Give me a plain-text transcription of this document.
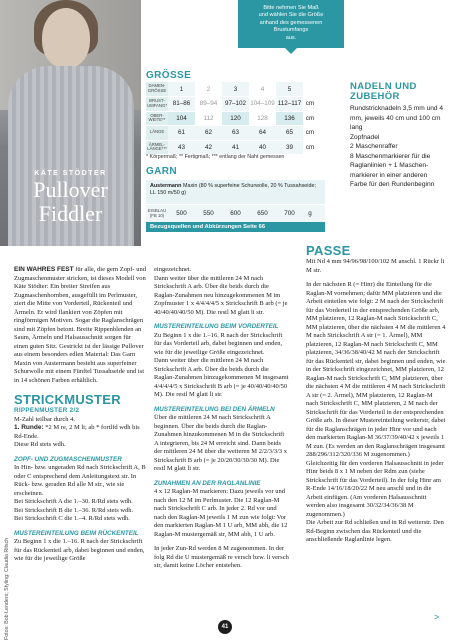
KÄTE STÖDTER
Pullover
Fiddler
Bitte nehmen Sie Maß
und wählen Sie die Größe
anhand des gemessenen
Brustumfangs
aus.
GRÖSSE
DAMEN-GRÖSSE	1	2	3	4	5	
BRUST-UMFANG*	81–86	89–94	97–102	104–109	112–117	cm
OBER-WEITE**	104	112	120	128	136	cm
LÄNGE	61	62	63	64	65	cm
ÄRMEL-LÄNGE***	43	42	41	40	39	cm
* Körpermaß; ** Fertigmaß; *** entlang der Naht gemessen
GARN
Austermann Maxin (80 % superfeine Schurwolle, 20 % Tussahseide; LL 150 m/50 g)
EISBLAU (FB 10)	500	550	600	650	700	g
Bezugsquellen und Abkürzungen Seite 66
NADELN UND ZUBEHÖR
Rundstricknadeln 3,5 mm und 4 mm, jeweils 40 cm und 100 cm lang
Zopfnadel
2 Maschenraffer
8 Maschenmarkierer für die Raglanlinien + 1 Maschenmarkierer in einer anderen Farbe für den Rundenbeginn

EIN WAHRES FEST für alle, die gern Zopf- und Zugmaschenmuster stricken, ist dieses Modell von Käte Stödter: Ein breiter Streifen aus Zugmaschenhornben, ausgefüllt im Perlmuster, ziert die Mitte von Vorderteil, Rückenteil und Ärmeln. Er wird flankiert von Zöpfen mit ringförmigen Motiven. Sogar die Raglanschrägen sind mit Zöpfen betont. Breite Rippenblenden an Saum, Ärmeln und Halsausschnitt sorgen für einen guten Sitz. Gestrickt ist der lässige Pullover aus einem besonders edlen Material: Das Garn Maxin von Austermann besteht aus superfeiner Schurwolle mit einem Fünftel Tussahseide und ist in 14 schönen Farben erhältlich.

STRICKMUSTER
RIPPENMUSTER 2/2

M-Zahl teilbar durch 4.

1. Runde: *2 M re, 2 M li; ab * fortlfd wdh bis Rd-Ende.

Diese Rd stets wdh.

ZOPF- UND ZUGMASCHENMUSTER

In Hin- bzw. ungeraden Rd nach Strickschrift A, B oder C entsprechend dem Anleitungstext str. In Rück- bzw. geraden Rd alle M str., wie sie erscheinen.

Bei Strickschrift A die 1.–30. R/Rd stets wdh.

Bei Strickschrift B die 1.–36. R/Rd stets wdh.

Bei Strickschrift C die 1.–4. R/Rd stets wdh.

MUSTEREINTEILUNG BEIM RÜCKENTEIL

Zu Beginn 1 x die 1.–16. R nach der Strickschrift für das Rückenteil arb, dabei beginnen und enden, wie für die jeweilige Größe

eingezeichnet.

Dann weiter über die mittleren 24 M nach Strickschrift A arb. Über die beids durch die Raglan-Zunahmen neu hinzugekommenen M im Zopfmuster 1 x 4/4/4/4/5 x Strickschrift B arb (= je 40/40/40/40/50 M). Die restl M glatt li str.

MUSTEREINTEILUNG BEIM VORDERTEIL

Zu Beginn 1 x die 1.–16. R nach der Strickschrift für das Vorderteil arb, dabei beginnen und enden, wie für die jeweilige Größe eingezeichnet.

Dann weiter über die mittleren 24 M nach Strickschrift A arb. Über die beids durch die Raglan-Zunahmen hinzugekommenen M insgesamt 4/4/4/4/5 x Strickschrift B arb (= je 40/40/40/40/50 M). Die restl M glatt li str.

MUSTEREINTEILUNG BEI DEN ÄRMELN

Über die mittleren 24 M nach Strickschrift A beginnen. Über die beids durch die Raglan-Zunahmen hinzukommenen M in die Strickschrift A integrieren, bis 24 M erreicht sind. Dann beids der mittleren 24 M über die weiteren M 2/2/3/3/3 x Strickschrift B arb (= je 20/20/30/30/30 M). Die restl M glatt li str.

ZUNAHMEN AN DER RAGLANLINIE

4 x 12 Raglan-M markieren: Dazu jeweils vor und nach den 12 M im Perlmuster. Die 12 Raglan-M nach Strickschrift C arb. In jeder 2. Rd vor und nach den Raglan-M jeweils 1 M zun wie folgt: Vor den markierten Raglan-M 1 U arb, MM abh, die 12 Raglan-M mustergemäß str, MM abh, 1 U arb.

In jeder Zun-Rd werden 8 M zugenommen. In der folg Rd die U mustergemäß re versch bzw. li versch str, damit keine Löcher entstehen.

PASSE

Mit Nd 4 mm 94/96/98/100/102 M anschl. 1 Rückr li M str.

In der nächsten R (= Hinr) die Einteilung für die Raglan-M vornehmen; dafür MM platzieren und die Arbeit einteilen wie folgt: 2 M nach der Strickschrift für das Vorderteil in der entsprechenden Größe arb, MM platzieren, 12 Raglan-M nach Strickschrift C, MM platzieren, über die nächsten 4 M die mittleren 4 M nach Strickschrift A str (= 1. Ärmel), MM platzieren, 12 Raglan-M nach Strickschrift C, MM platzieren, 34/36/38/40/42 M nach der Strickschrift für das Rückenteil str, dabei beginnen und enden, wie in der Strickschrift eingezeichnet, MM platzieren, 12 Raglan-M nach Strickschrift C, MM platzieren, über die nächsten 4 M die mittleren 4 M nach Strickschrift A str (= 2. Ärmel), MM platzieren, 12 Raglan-M nach Strickschrift C, MM platzieren, 2 M nach der Strickschrift für das Vorderteil in der entsprechenden Größe arb. In dieser Mustereinteilung weiterstr, dabei für die Raglanschrägen in jeder Hinr vor und nach den markierten Raglan-M 36/37/39/40/42 x jeweils 1 M zun. (Es werden an den Raglanschrägen insgesamt 288/296/312/320/336 M zugenommen.)

Gleichzeitig für den vorderen Halsausschnitt in jeder Hinr beids 8 x 1 M neben der Rdm zun (siehe Strickschrift für das Vorderteil). In der folg Hinr am R-Ende 14/16/18/20/22 M neu anschl und in die Arbeit einfügen. (Am vorderen Halsausschnitt werden also insgesamt 30/32/34/36/38 M zugenommen.)

Die Arbeit zur Rd schließen und in Rd weiterstr. Den Rd-Beginn zwischen das Rückenteil und die anschließende Raglanlinie legen.

Fotos: Bob Lenders; Styling: Claudia Ritsch	>
41
